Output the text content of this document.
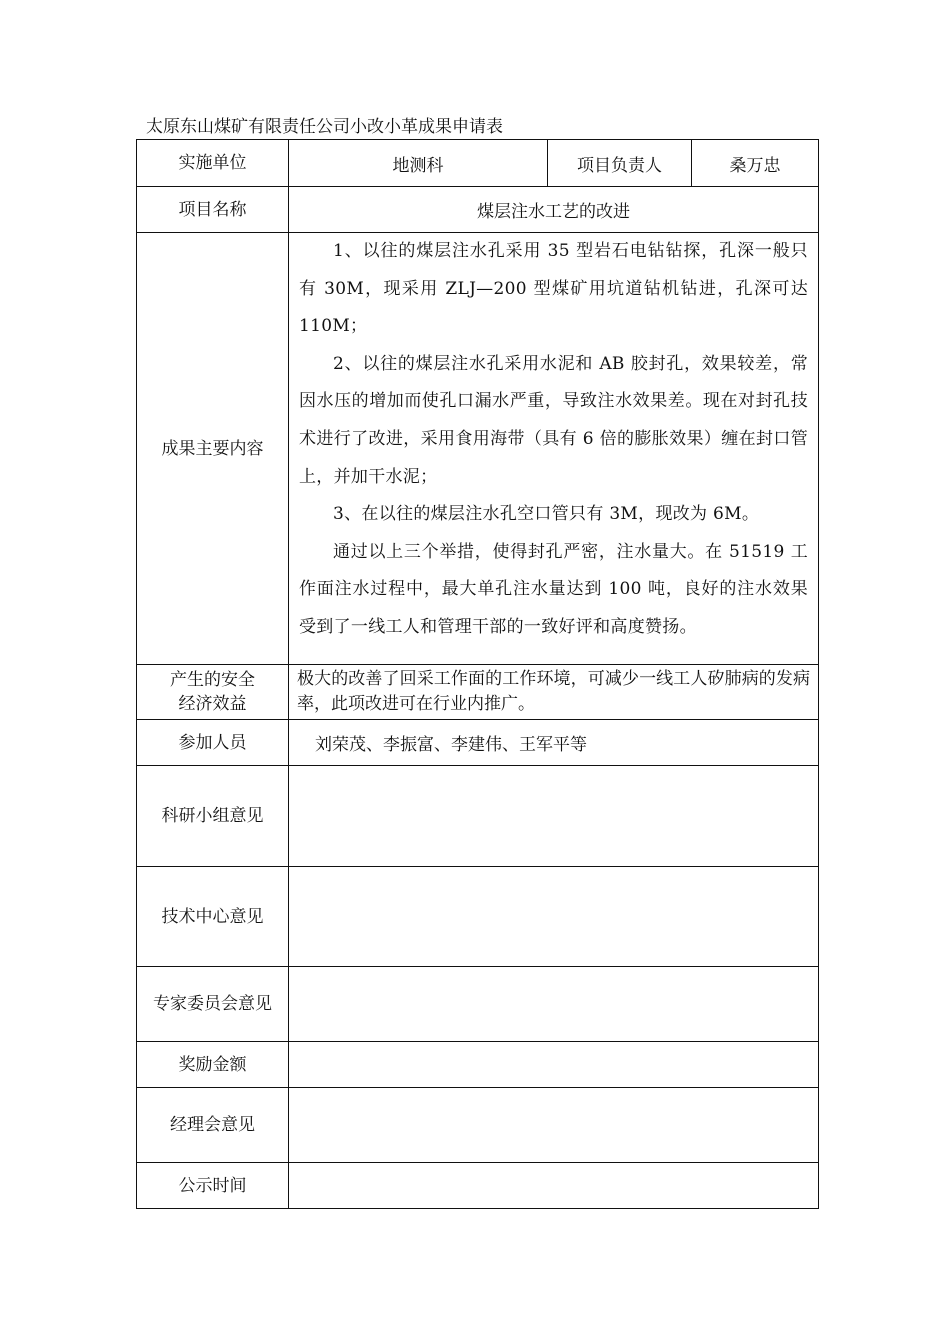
太原东山煤矿有限责任公司小改小革成果申请表
实施单位	地测科	项目负责人	桑万忠
项目名称	煤层注水工艺的改进		
成果主要内容	1、以往的煤层注水孔采用 35 型岩石电钻钻探，孔深一般只有 30M，现采用 ZLJ—200 型煤矿用坑道钻机钻进，孔深可达 110M；

2、以往的煤层注水孔采用水泥和 AB 胶封孔，效果较差，常因水压的增加而使孔口漏水严重，导致注水效果差。现在对封孔技术进行了改进，采用食用海带（具有 6 倍的膨胀效果）缠在封口管上，并加干水泥；

3、在以往的煤层注水孔空口管只有 3M，现改为 6M。

通过以上三个举措，使得封孔严密，注水量大。在 51519 工作面注水过程中，最大单孔注水量达到 100 吨，良好的注水效果受到了一线工人和管理干部的一致好评和高度赞扬。		

产生的安全
经济效益	极大的改善了回采工作面的工作环境，可减少一线工人矽肺病的发病率，此项改进可在行业内推广。		
参加人员	刘荣茂、李振富、李建伟、王军平等		
科研小组意见			
技术中心意见			
专家委员会意见			
奖励金额			
经理会意见			
公示时间			
